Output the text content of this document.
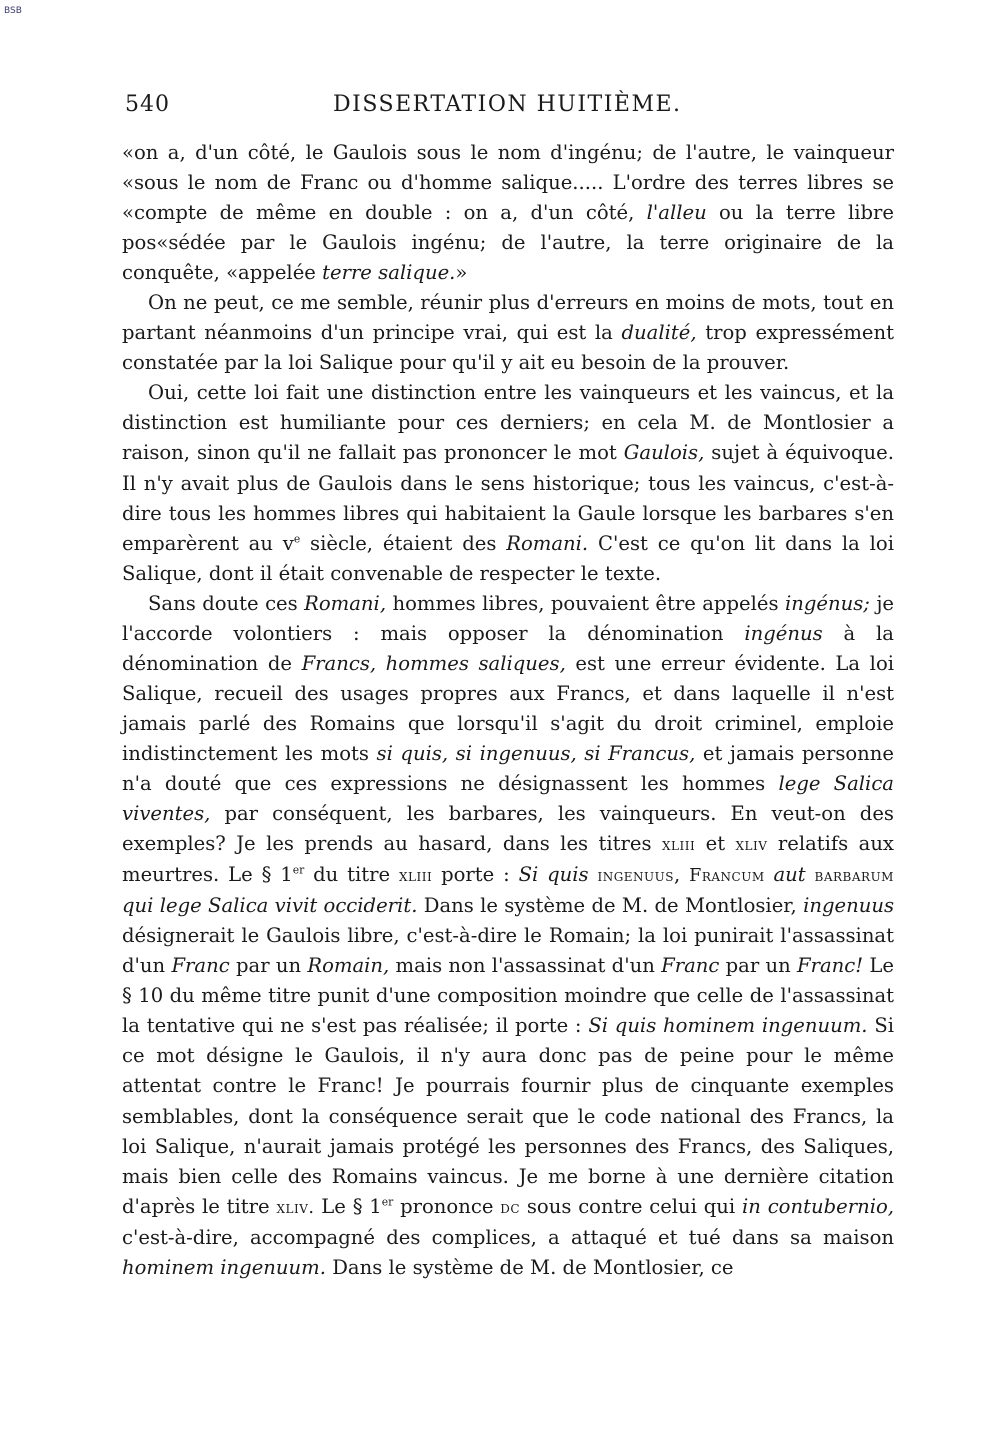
BSB
540	DISSERTATION HUITIÈME.

«on a, d'un côté, le Gaulois sous le nom d'ingénu; de l'autre, le vainqueur «sous le nom de Franc ou d'homme salique..... L'ordre des terres libres se «compte de même en double : on a, d'un côté, l'alleu ou la terre libre pos«sédée par le Gaulois ingénu; de l'autre, la terre originaire de la conquête, «appelée terre salique.»

On ne peut, ce me semble, réunir plus d'erreurs en moins de mots, tout en partant néanmoins d'un principe vrai, qui est la dualité, trop expressément constatée par la loi Salique pour qu'il y ait eu besoin de la prouver.

Oui, cette loi fait une distinction entre les vainqueurs et les vaincus, et la distinction est humiliante pour ces derniers; en cela M. de Montlosier a raison, sinon qu'il ne fallait pas prononcer le mot Gaulois, sujet à équivoque. Il n'y avait plus de Gaulois dans le sens historique; tous les vaincus, c'est-à-dire tous les hommes libres qui habitaient la Gaule lorsque les barbares s'en emparèrent au $v^e$ siècle, étaient des Romani. C'est ce qu'on lit dans la loi Salique, dont il était convenable de respecter le texte.

Sans doute ces Romani, hommes libres, pouvaient être appelés ingénus; je l'accorde volontiers : mais opposer la dénomination ingénus à la dénomination de Francs, hommes saliques, est une erreur évidente. La loi Salique, recueil des usages propres aux Francs, et dans laquelle il n'est jamais parlé des Romains que lorsqu'il s'agit du droit criminel, emploie indistinctement les mots si quis, si ingenuus, si Francus, et jamais personne n'a douté que ces expressions ne désignassent les hommes lege Salica viventes, par conséquent, les barbares, les vainqueurs. En veut-on des exemples? Je les prends au hasard, dans les titres xliii et xliv relatifs aux meurtres. Le § 1er du titre xliii porte : Si quis ingenuus, Francum aut barbarum qui lege Salica vivit occiderit. Dans le système de M. de Montlosier, ingenuus désignerait le Gaulois libre, c'est-à-dire le Romain; la loi punirait l'assassinat d'un Franc par un Romain, mais non l'assassinat d'un Franc par un Franc! Le § 10 du même titre punit d'une composition moindre que celle de l'assassinat la tentative qui ne s'est pas réalisée; il porte : Si quis hominem ingenuum. Si ce mot désigne le Gaulois, il n'y aura donc pas de peine pour le même attentat contre le Franc! Je pourrais fournir plus de cinquante exemples semblables, dont la conséquence serait que le code national des Francs, la loi Salique, n'aurait jamais protégé les personnes des Francs, des Saliques, mais bien celle des Romains vaincus. Je me borne à une dernière citation d'après le titre xliv. Le § 1er prononce dc sous contre celui qui in contubernio, c'est-à-dire, accompagné des complices, a attaqué et tué dans sa maison hominem ingenuum. Dans le système de M. de Montlosier, ce
